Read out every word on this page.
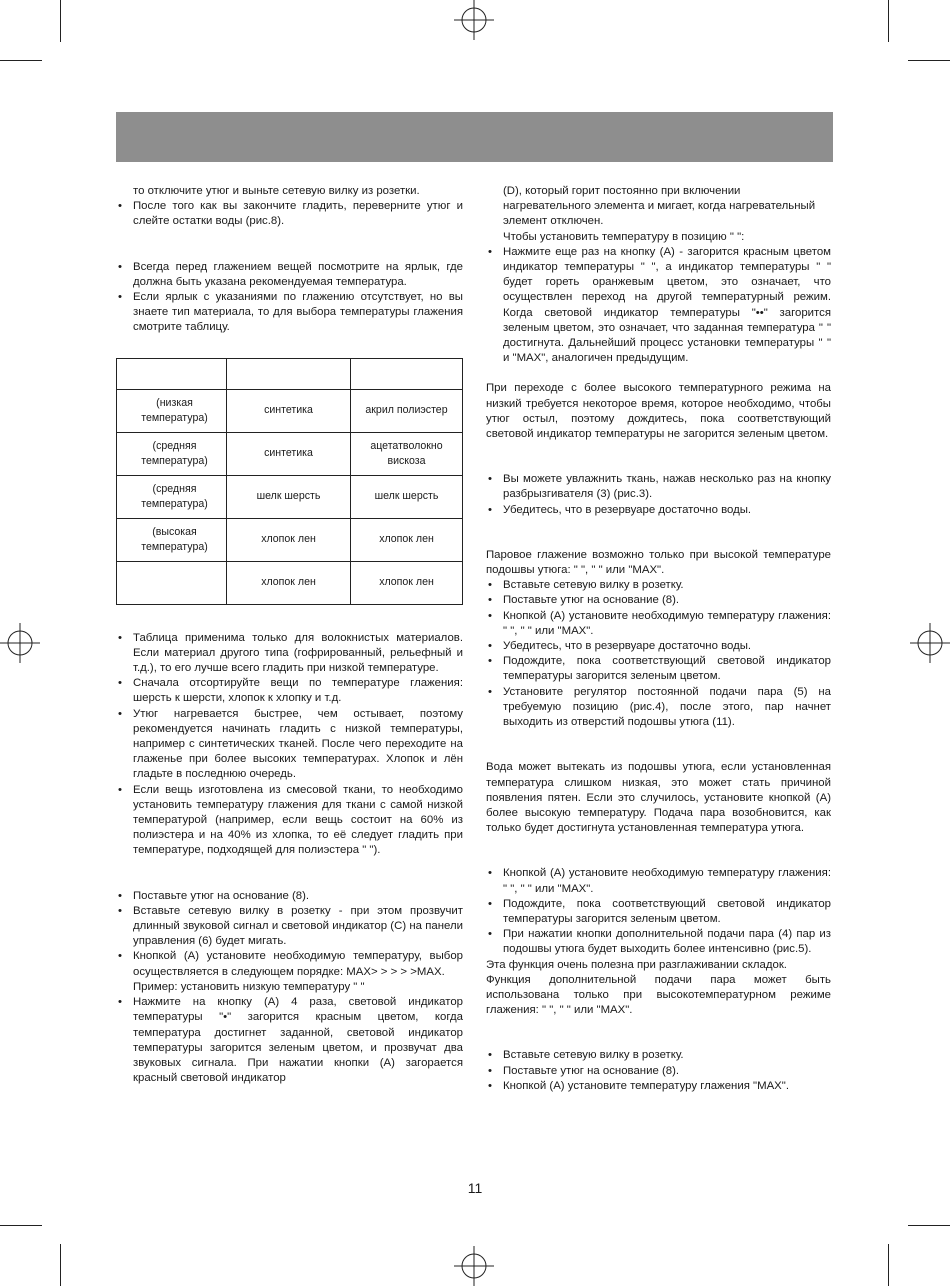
то отключите утюг и выньте сетевую вилку из розетки.

• После того как вы закончите гладить, переверните утюг и слейте остатки воды (рис.8).

• Всегда перед глажением вещей посмотрите на ярлык, где должна быть указана рекомендуемая температура.

• Если ярлык с указаниями по глажению отсутствует, но вы знаете тип материала, то для выбора температуры глажения смотрите таблицу.

(низкая температура)	синтетика	акрил полиэстер
(средняя температура)	синтетика	ацетатволокно вискоза
(средняя температура)	шелк шерсть	шелк шерсть
(высокая температура)	хлопок лен	хлопок лен
	хлопок лен	хлопок лен

• Таблица применима только для волокнистых материалов. Если материал другого типа (гофрированный, рельефный и т.д.), то его лучше всего гладить при низкой температуре.

• Сначала отсортируйте вещи по температуре глажения: шерсть к шерсти, хлопок к хлопку и т.д.

• Утюг нагревается быстрее, чем остывает, поэтому рекомендуется начинать гладить с низкой температуры, например с синтетических тканей. После чего переходите на глаженье при более высоких температурах. Хлопок и лён гладьте в последнюю очередь.

• Если вещь изготовлена из смесовой ткани, то необходимо установить температуру глажения для ткани с самой низкой температурой (например, если вещь состоит на 60% из полиэстера и на 40% из хлопка, то её следует гладить при температуре, подходящей для полиэстера " ").

• Поставьте утюг на основание (8).

• Вставьте сетевую вилку в розетку - при этом прозвучит длинный звуковой сигнал и световой индикатор (С) на панели управления (6) будет мигать.

• Кнопкой (А) установите необходимую температуру, выбор осуществляется в следующем порядке: MAX> > > > >MAX.

Пример: установить низкую температуру " "

• Нажмите на кнопку (А) 4 раза, световой индикатор температуры "•" загорится красным цветом, когда температура достигнет заданной, световой индикатор температуры загорится зеленым цветом, и прозвучат два звуковых сигнала. При нажатии кнопки (А) загорается красный световой индикатор

(D), который горит постоянно при включении нагревательного элемента и мигает, когда нагревательный элемент отключен.

Чтобы установить температуру в позицию " ":

• Нажмите еще раз на кнопку (А) - загорится красным цветом индикатор температуры " ", а индикатор температуры " " будет гореть оранжевым цветом, это означает, что осуществлен переход на другой температурный режим. Когда световой индикатор температуры "••" загорится зеленым цветом, это означает, что заданная температура " " достигнута. Дальнейший процесс установки температуры " " и "MAX", аналогичен предыдущим.

При переходе с более высокого температурного режима на низкий требуется некоторое время, которое необходимо, чтобы утюг остыл, поэтому дождитесь, пока соответствующий световой индикатор температуры не загорится зеленым цветом.

• Вы можете увлажнить ткань, нажав несколько раз на кнопку разбрызгивателя (3) (рис.3).

• Убедитесь, что в резервуаре достаточно воды.

Паровое глажение возможно только при высокой температуре подошвы утюга: " ", " " или "MAX".

• Вставьте сетевую вилку в розетку.

• Поставьте утюг на основание (8).

• Кнопкой (А) установите необходимую температуру глажения: " ", " " или "MAX".

• Убедитесь, что в резервуаре достаточно воды.

• Подождите, пока соответствующий световой индикатор температуры загорится зеленым цветом.

• Установите регулятор постоянной подачи пара (5) на требуемую позицию (рис.4), после этого, пар начнет выходить из отверстий подошвы утюга (11).

Вода может вытекать из подошвы утюга, если установленная температура слишком низкая, это может стать причиной появления пятен. Если это случилось, установите кнопкой (А) более высокую температуру. Подача пара возобновится, как только будет достигнута установленная температура утюга.

• Кнопкой (А) установите необходимую температуру глажения: " ", " " или "MAX".

• Подождите, пока соответствующий световой индикатор температуры загорится зеленым цветом.

• При нажатии кнопки дополнительной подачи пара (4) пар из подошвы утюга будет выходить более интенсивно (рис.5).

Эта функция очень полезна при разглаживании складок.

Функция дополнительной подачи пара может быть использована только при высокотемпературном режиме глажения: " ", " " или "MAX".

• Вставьте сетевую вилку в розетку.

• Поставьте утюг на основание (8).

• Кнопкой (А) установите температуру глажения "MAX".

11
